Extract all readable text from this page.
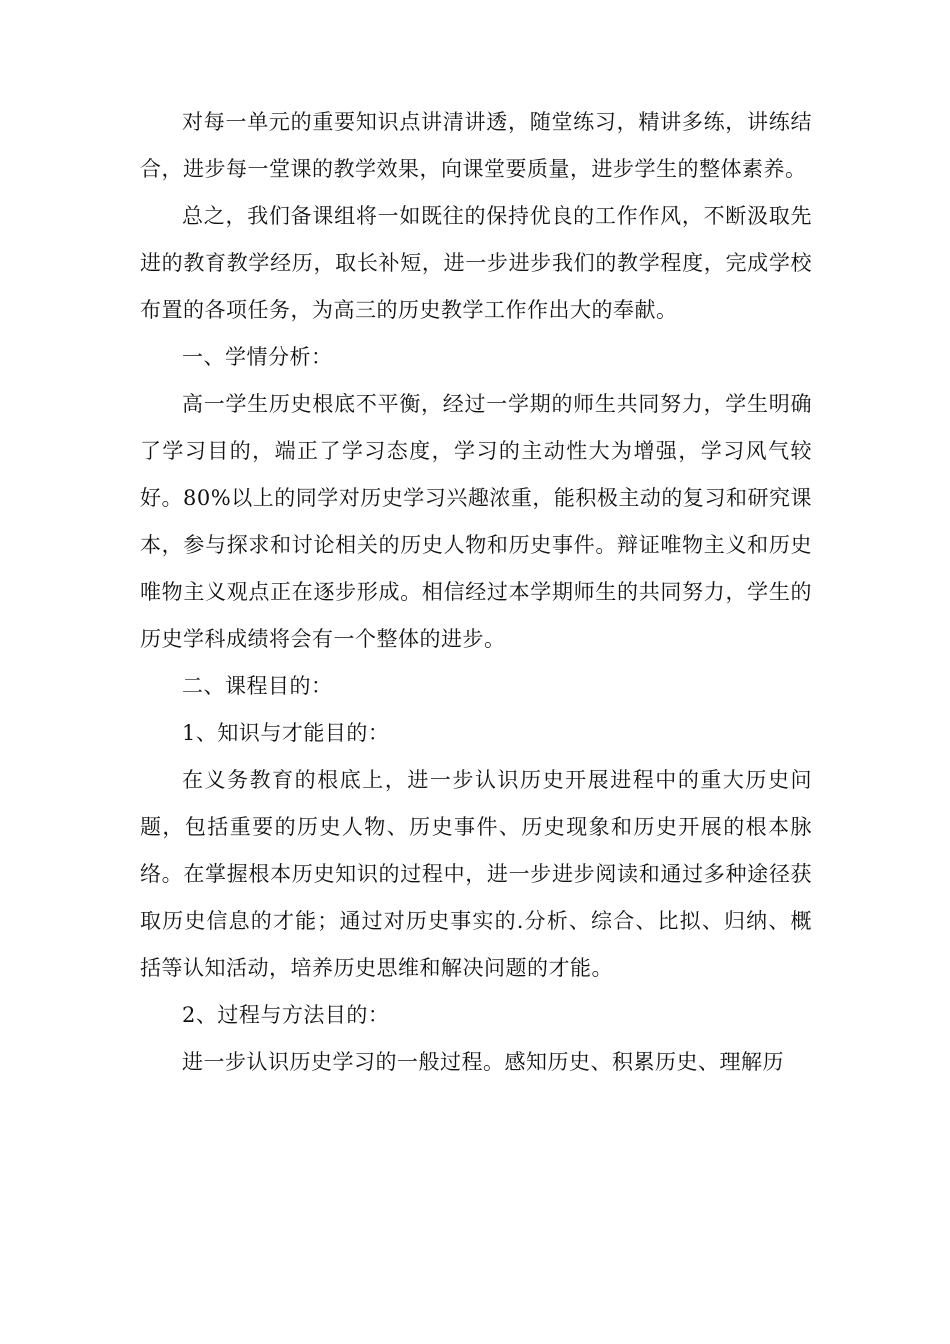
对每一单元的重要知识点讲清讲透，随堂练习，精讲多练，讲练结合，进步每一堂课的教学效果，向课堂要质量，进步学生的整体素养。

总之，我们备课组将一如既往的保持优良的工作作风，不断汲取先进的教育教学经历，取长补短，进一步进步我们的教学程度，完成学校布置的各项任务，为高三的历史教学工作作出大的奉献。

一、学情分析：

高一学生历史根底不平衡，经过一学期的师生共同努力，学生明确了学习目的，端正了学习态度，学习的主动性大为增强，学习风气较好。80%以上的同学对历史学习兴趣浓重，能积极主动的复习和研究课本，参与探求和讨论相关的历史人物和历史事件。辩证唯物主义和历史唯物主义观点正在逐步形成。相信经过本学期师生的共同努力，学生的历史学科成绩将会有一个整体的进步。

二、课程目的：

1、知识与才能目的：

在义务教育的根底上，进一步认识历史开展进程中的重大历史问题，包括重要的历史人物、历史事件、历史现象和历史开展的根本脉络。在掌握根本历史知识的过程中，进一步进步阅读和通过多种途径获取历史信息的才能；通过对历史事实的.分析、综合、比拟、归纳、概括等认知活动，培养历史思维和解决问题的才能。

2、过程与方法目的：

进一步认识历史学习的一般过程。感知历史、积累历史、理解历
